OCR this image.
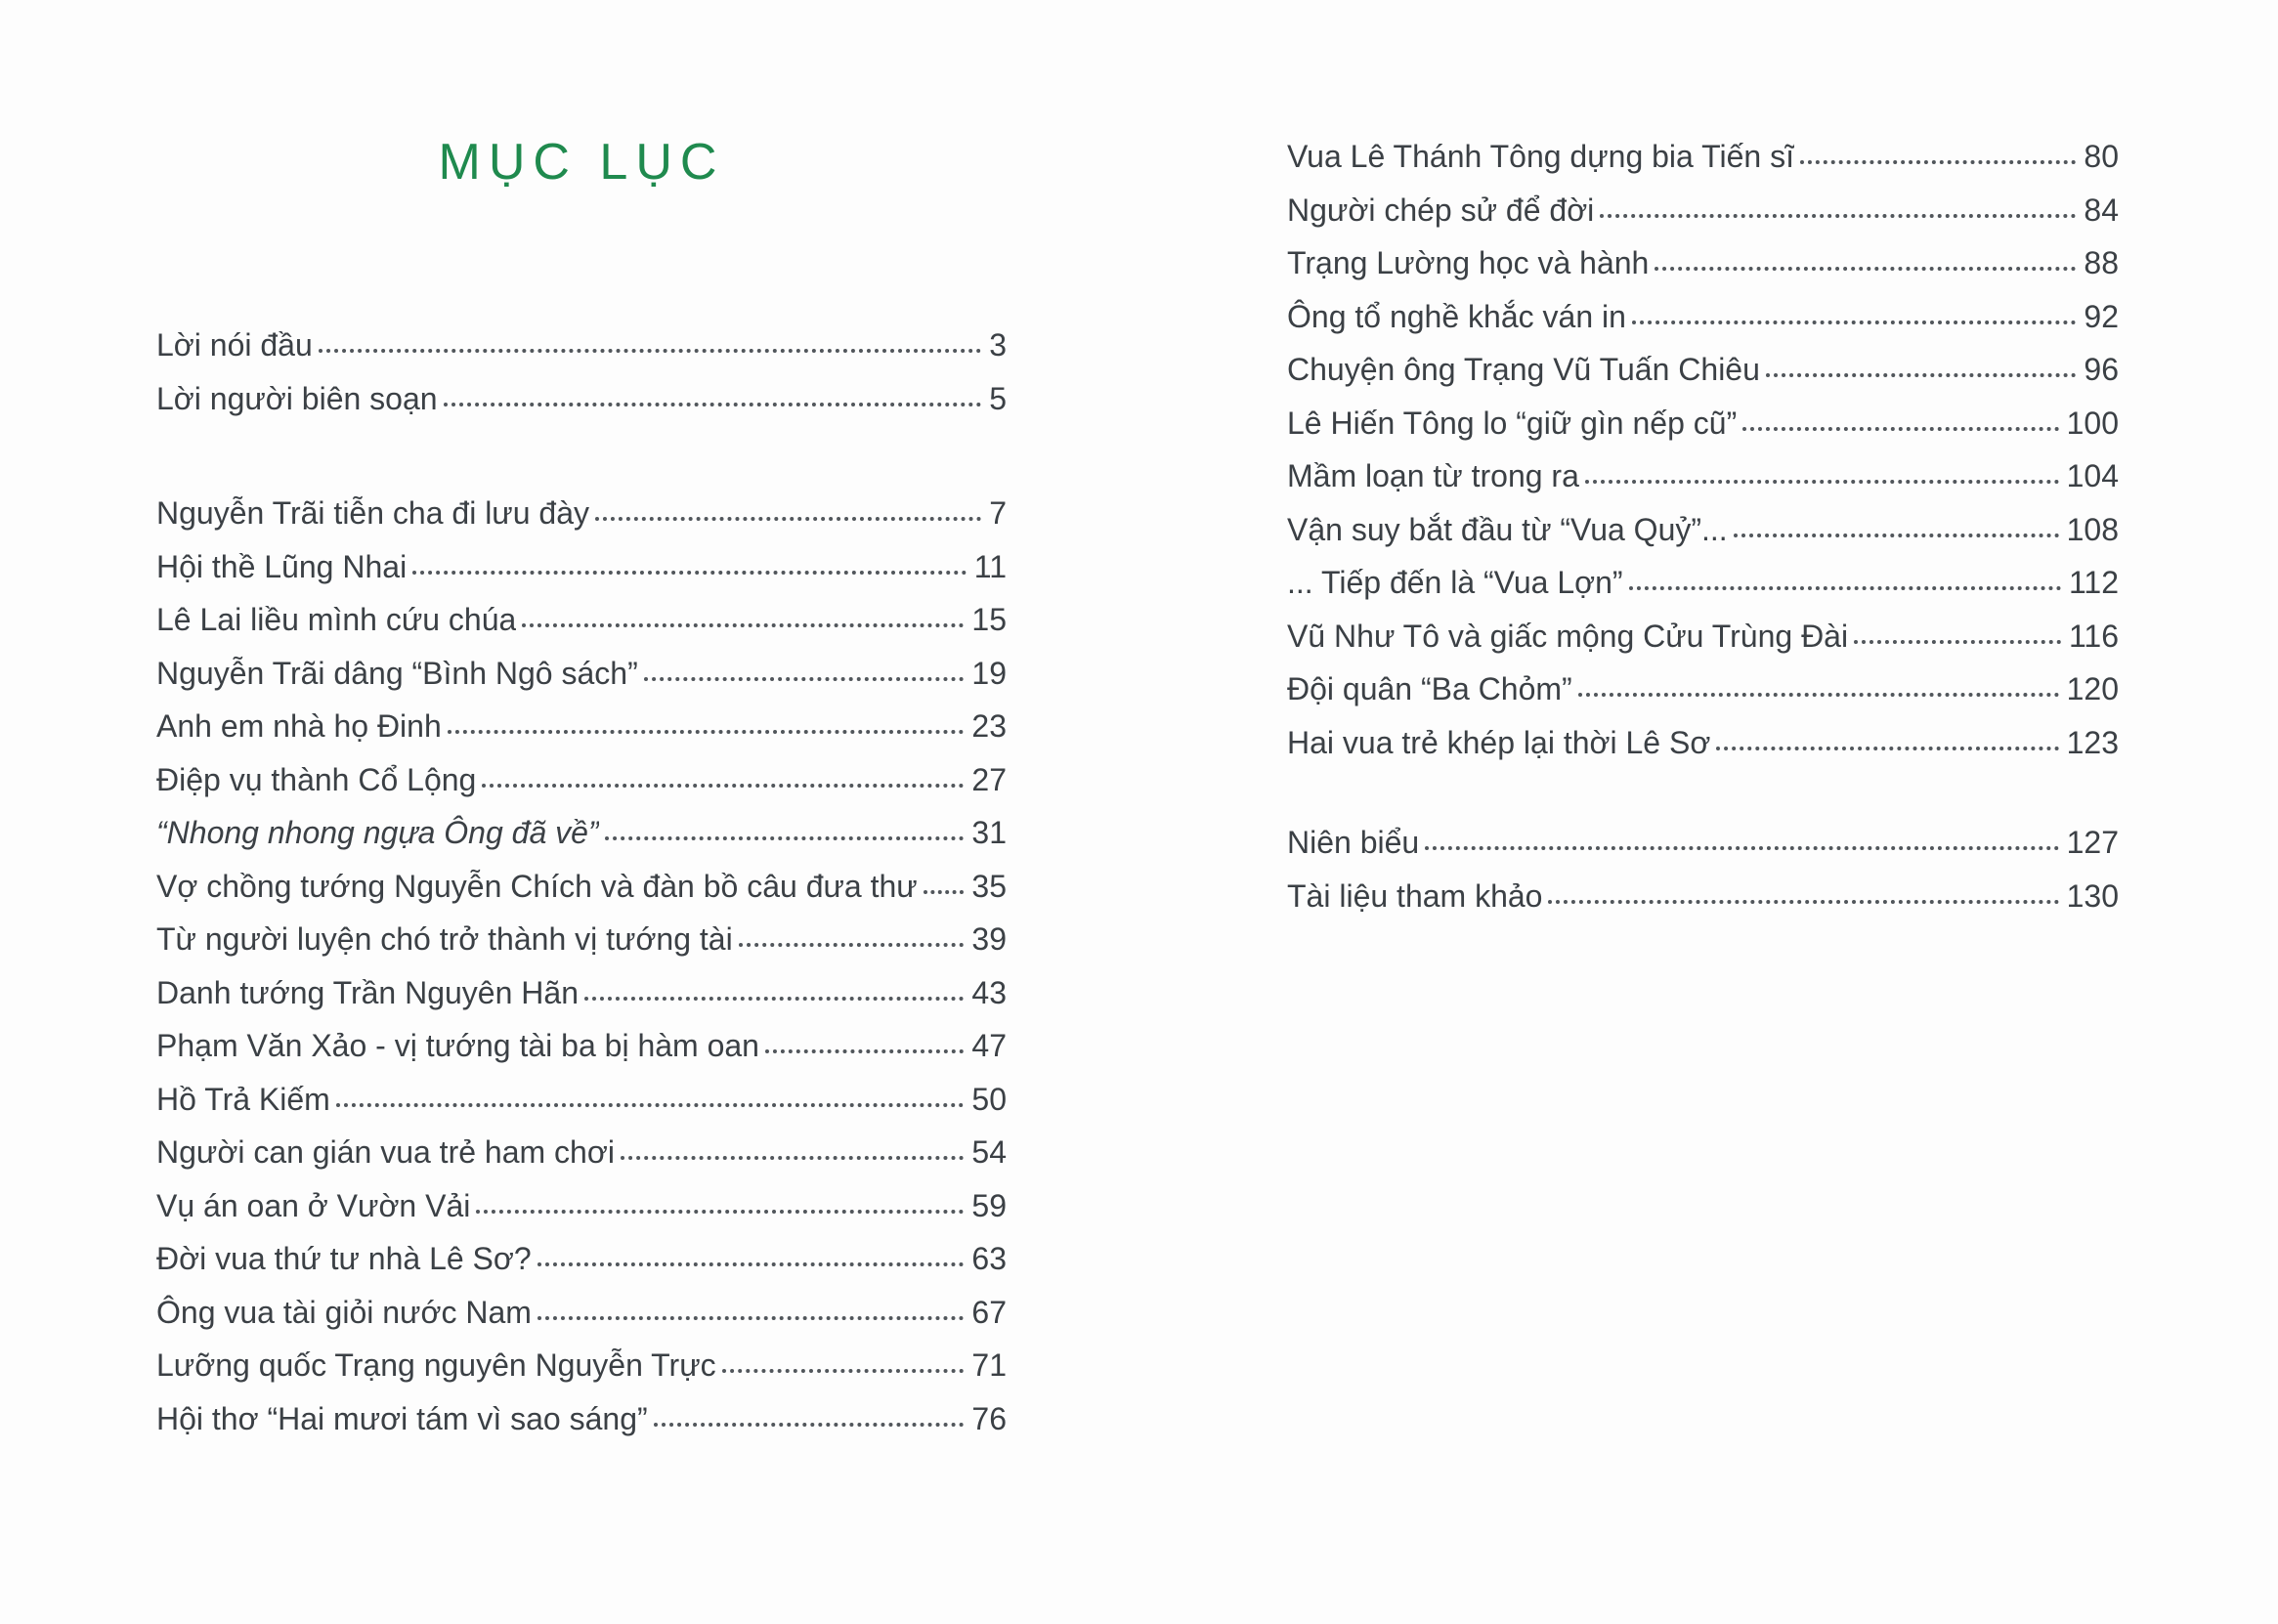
MỤC LỤC
Lời nói đầu	3
Lời người biên soạn	5
Nguyễn Trãi tiễn cha đi lưu đày	7
Hội thề Lũng Nhai	11
Lê Lai liều mình cứu chúa	15
Nguyễn Trãi dâng “Bình Ngô sách”	19
Anh em nhà họ Đinh	23
Điệp vụ thành Cổ Lộng	27
“Nhong nhong ngựa Ông đã về”	31
Vợ chồng tướng Nguyễn Chích và đàn bồ câu đưa thư 35
Từ người luyện chó trở thành vị tướng tài	39
Danh tướng Trần Nguyên Hãn	43
Phạm Văn Xảo - vị tướng tài ba bị hàm oan	47
Hồ Trả Kiếm	50
Người can gián vua trẻ ham chơi	54
Vụ án oan ở Vườn Vải	59
Đời vua thứ tư nhà Lê Sơ?	63
Ông vua tài giỏi nước Nam	67
Lưỡng quốc Trạng nguyên Nguyễn Trực	71
Hội thơ “Hai mươi tám vì sao sáng”	76
Vua Lê Thánh Tông dựng bia Tiến sĩ	80
Người chép sử để đời	84
Trạng Lường học và hành	88
Ông tổ nghề khắc ván in	92
Chuyện ông Trạng Vũ Tuấn Chiêu	96
Lê Hiến Tông lo “giữ gìn nếp cũ”	100
Mầm loạn từ trong ra	104
Vận suy bắt đầu từ “Vua Quỷ”...	108
... Tiếp đến là “Vua Lợn”	112
Vũ Như Tô và giấc mộng Cửu Trùng Đài	116
Đội quân “Ba Chỏm”	120
Hai vua trẻ khép lại thời Lê Sơ	123
Niên biểu	127
Tài liệu tham khảo	130
